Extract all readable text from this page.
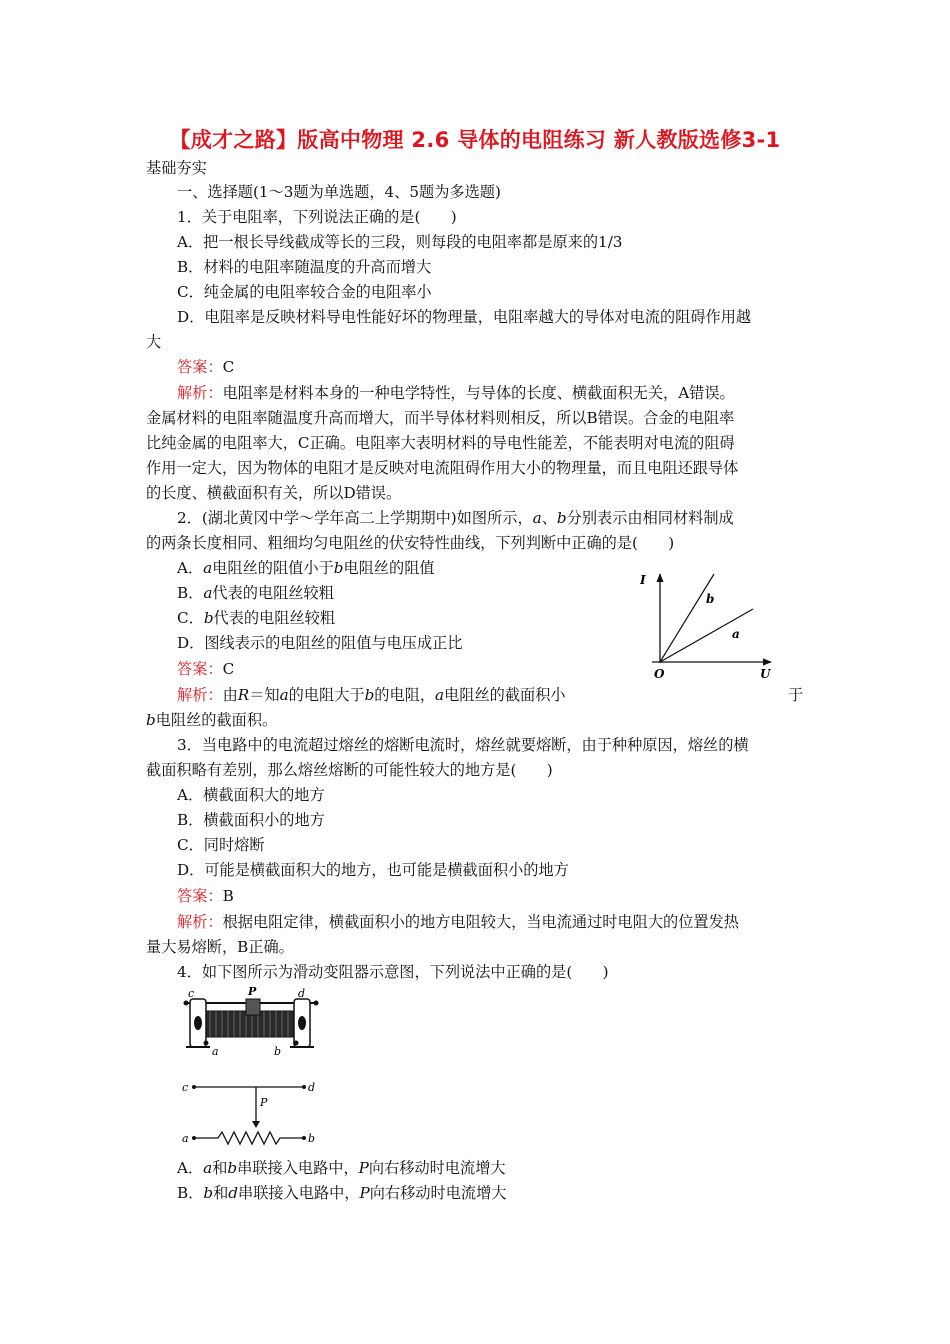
【成才之路】版高中物理 2.6 导体的电阻练习 新人教版选修3-1
基础夯实
一、选择题(1～3题为单选题，4、5题为多选题)
1．关于电阻率，下列说法正确的是(　　)
A．把一根长导线截成等长的三段，则每段的电阻率都是原来的1/3
B．材料的电阻率随温度的升高而增大
C．纯金属的电阻率较合金的电阻率小
D．电阻率是反映材料导电性能好坏的物理量，电阻率越大的导体对电流的阻碍作用越
大
答案：C
解析：电阻率是材料本身的一种电学特性，与导体的长度、横截面积无关，A错误。
金属材料的电阻率随温度升高而增大，而半导体材料则相反，所以B错误。合金的电阻率
比纯金属的电阻率大，C正确。电阻率大表明材料的导电性能差，不能表明对电流的阻碍
作用一定大，因为物体的电阻才是反映对电流阻碍作用大小的物理量，而且电阻还跟导体
的长度、横截面积有关，所以D错误。
2．(湖北黄冈中学～学年高二上学期期中)如图所示，a、b分别表示由相同材料制成
的两条长度相同、粗细均匀电阻丝的伏安特性曲线，下列判断中正确的是(　　)
A．a电阻丝的阻值小于b电阻丝的阻值
B．a代表的电阻丝较粗
C．b代表的电阻丝较粗
D．图线表示的电阻丝的阻值与电压成正比
答案：C
解析：由R＝知a的电阻大于b的电阻，a电阻丝的截面积小	于
b电阻丝的截面积。
I
U
O
b
a
3．当电路中的电流超过熔丝的熔断电流时，熔丝就要熔断，由于种种原因，熔丝的横
截面积略有差别，那么熔丝熔断的可能性较大的地方是(　　)
A．横截面积大的地方
B．横截面积小的地方
C．同时熔断
D．可能是横截面积大的地方，也可能是横截面积小的地方
答案：B
解析：根据电阻定律，横截面积小的地方电阻较大，当电流通过时电阻大的位置发热
量大易熔断，B正确。
4．如下图所示为滑动变阻器示意图，下列说法中正确的是(　　)
c	P	d
a	b
c	d
P
a	b
A．a和b串联接入电路中，P向右移动时电流增大
B．b和d串联接入电路中，P向右移动时电流增大
